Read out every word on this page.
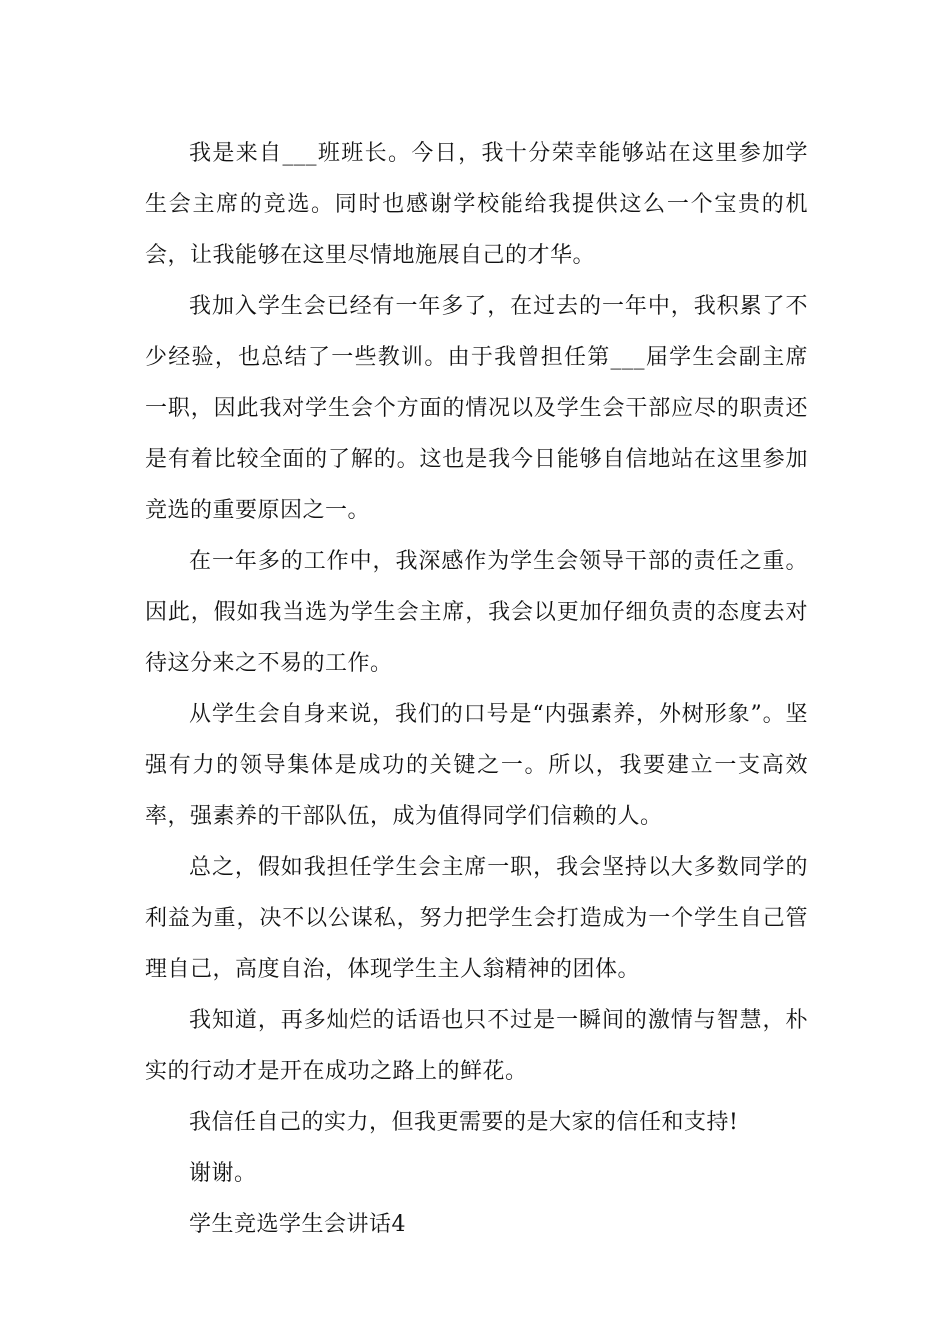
我是来自___班班长。今日，我十分荣幸能够站在这里参加学生会主席的竞选。同时也感谢学校能给我提供这么一个宝贵的机会，让我能够在这里尽情地施展自己的才华。

我加入学生会已经有一年多了，在过去的一年中，我积累了不少经验，也总结了一些教训。由于我曾担任第___届学生会副主席一职，因此我对学生会个方面的情况以及学生会干部应尽的职责还是有着比较全面的了解的。这也是我今日能够自信地站在这里参加竞选的重要原因之一。

在一年多的工作中，我深感作为学生会领导干部的责任之重。因此，假如我当选为学生会主席，我会以更加仔细负责的态度去对待这分来之不易的工作。

从学生会自身来说，我们的口号是“内强素养，外树形象”。坚强有力的领导集体是成功的关键之一。所以，我要建立一支高效率，强素养的干部队伍，成为值得同学们信赖的人。

总之，假如我担任学生会主席一职，我会坚持以大多数同学的利益为重，决不以公谋私，努力把学生会打造成为一个学生自己管理自己，高度自治，体现学生主人翁精神的团体。

我知道，再多灿烂的话语也只不过是一瞬间的激情与智慧，朴实的行动才是开在成功之路上的鲜花。

我信任自己的实力，但我更需要的是大家的信任和支持!

谢谢。

学生竞选学生会讲话4
